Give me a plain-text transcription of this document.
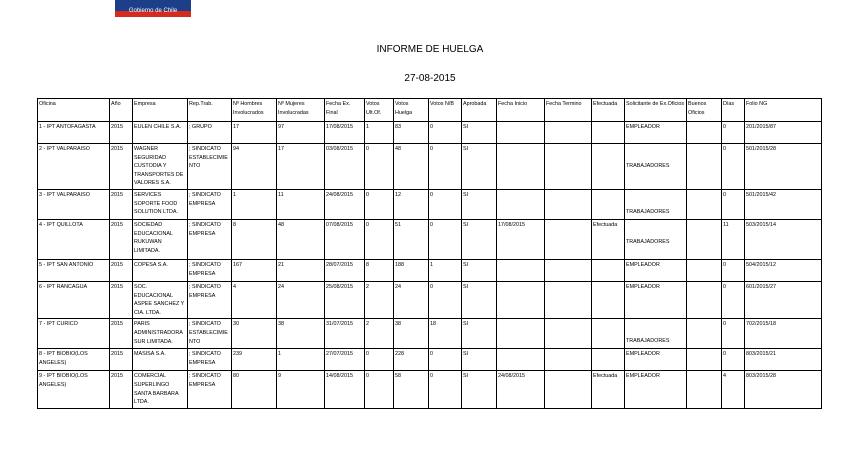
Gobierno de Chile
INFORME DE HUELGA
27-08-2015
Oficina	Año	Empresa	Rep.Trab.	Nº Hombres Involucrados	Nº Mujeres Involucradas	Fecha Ex. Final	Votos Ult.Of.	Votos Huelga	Votos N/B	Aprobada	Fecha Inicio	Fecha Termino	Efectuada	Solicitante de Ex.Oficios	Buenos Oficios	Días	Folio NG
1 - IPT ANTOFAGASTA	2015	EULEN CHILE S.A.	; GRUPO	17	97	17/08/2015	1	83	0	SI				EMPLEADOR		0	201/2015/87
2 - IPT VALPARAISO	2015	WAGNER SEGURIDAD CUSTODIA Y TRANSPORTES DE VALORES S.A.	; SINDICATO ESTABLECIMIENTO	94	17	03/08/2015	0	48	0	SI				TRABAJADORES		0	501/2015/28
3 - IPT VALPARAISO	2015	SERVICES SOPORTE FOOD SOLUTION LTDA.	; SINDICATO EMPRESA	1	11	24/08/2015	0	12	0	SI				TRABAJADORES		0	501/2015/42
4 - IPT QUILLOTA	2015	SOCIEDAD EDUCACIONAL RUKUWAN LIMITADA.	; SINDICATO EMPRESA	8	48	07/08/2015	0	51	0	SI	17/08/2015		Efectuada	TRABAJADORES		11	503/2015/14
5 - IPT SAN ANTONIO	2015	COPESA S.A.	; SINDICATO EMPRESA	167	21	28/07/2015	8	188	1	SI				EMPLEADOR		0	504/2015/12
6 - IPT RANCAGUA	2015	SOC. EDUCACIONAL ASPEE SANCHEZ Y CIA. LTDA.	; SINDICATO EMPRESA	4	24	25/08/2015	2	24	0	SI				EMPLEADOR		0	601/2015/27
7 - IPT CURICO	2015	PARIS ADMINISTRADORA SUR LIMITADA.	; SINDICATO ESTABLECIMIENTO	30	38	31/07/2015	2	38	18	SI				TRABAJADORES		0	702/2015/18
8 - IPT BIOBIO(LOS ANGELES)	2015	MASISA S.A.	; SINDICATO EMPRESA	239	1	27/07/2015	0	228	0	SI				EMPLEADOR		0	803/2015/21
9 - IPT BIOBIO(LOS ANGELES)	2015	COMERCIAL SUPERLINGO SANTA BARBARA LTDA.	; SINDICATO EMPRESA	80	9	14/08/2015	0	58	0	SI	24/08/2015		Efectuada	EMPLEADOR		4	803/2015/28
